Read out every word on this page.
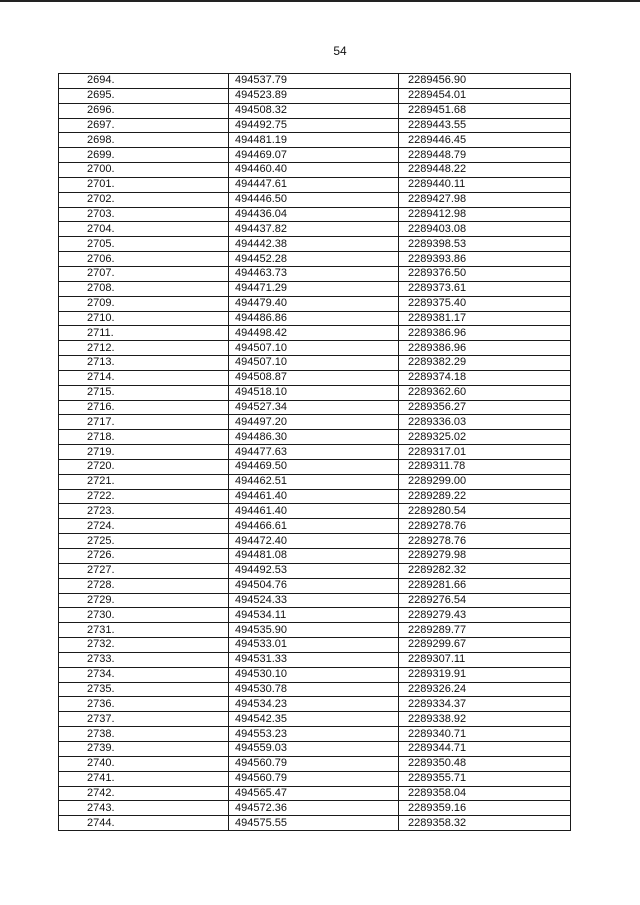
54
2694.	494537.79	2289456.90
2695.	494523.89	2289454.01
2696.	494508.32	2289451.68
2697.	494492.75	2289443.55
2698.	494481.19	2289446.45
2699.	494469.07	2289448.79
2700.	494460.40	2289448.22
2701.	494447.61	2289440.11
2702.	494446.50	2289427.98
2703.	494436.04	2289412.98
2704.	494437.82	2289403.08
2705.	494442.38	2289398.53
2706.	494452.28	2289393.86
2707.	494463.73	2289376.50
2708.	494471.29	2289373.61
2709.	494479.40	2289375.40
2710.	494486.86	2289381.17
2711.	494498.42	2289386.96
2712.	494507.10	2289386.96
2713.	494507.10	2289382.29
2714.	494508.87	2289374.18
2715.	494518.10	2289362.60
2716.	494527.34	2289356.27
2717.	494497.20	2289336.03
2718.	494486.30	2289325.02
2719.	494477.63	2289317.01
2720.	494469.50	2289311.78
2721.	494462.51	2289299.00
2722.	494461.40	2289289.22
2723.	494461.40	2289280.54
2724.	494466.61	2289278.76
2725.	494472.40	2289278.76
2726.	494481.08	2289279.98
2727.	494492.53	2289282.32
2728.	494504.76	2289281.66
2729.	494524.33	2289276.54
2730.	494534.11	2289279.43
2731.	494535.90	2289289.77
2732.	494533.01	2289299.67
2733.	494531.33	2289307.11
2734.	494530.10	2289319.91
2735.	494530.78	2289326.24
2736.	494534.23	2289334.37
2737.	494542.35	2289338.92
2738.	494553.23	2289340.71
2739.	494559.03	2289344.71
2740.	494560.79	2289350.48
2741.	494560.79	2289355.71
2742.	494565.47	2289358.04
2743.	494572.36	2289359.16
2744.	494575.55	2289358.32
